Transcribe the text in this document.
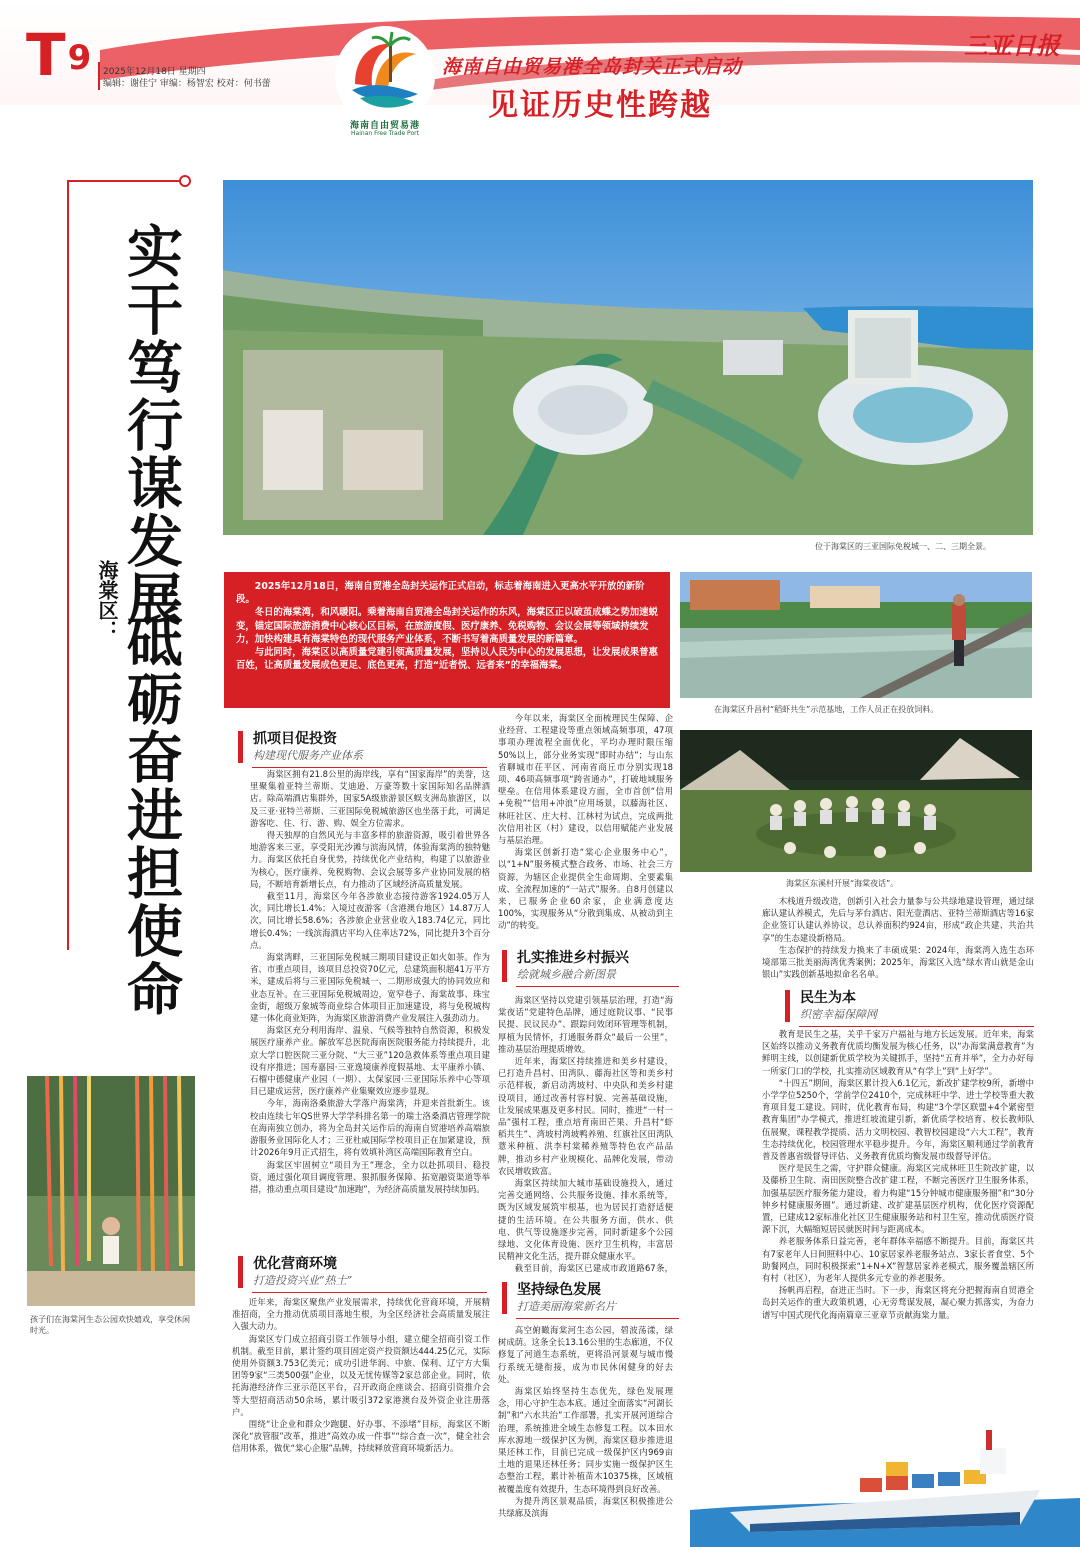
T9 2025年12月18日 星期四
编辑：谢佳宁 审编：杨智宏 校对：何书蕾
海南自由贸易港
Hainan Free Trade Port
海南自由贸易港全岛封关正式启动
见证历史性跨越
三亚日报
实干笃行谋发展
海棠区：
砥砺奋进担使命
位于海棠区的三亚国际免税城一、二、三期全景。

2025年12月18日，海南自贸港全岛封关运作正式启动，标志着海南进入更高水平开放的新阶段。

冬日的海棠湾，和风暖阳。乘着海南自贸港全岛封关运作的东风，海棠区正以破茧成蝶之势加速蜕变，锚定国际旅游消费中心核心区目标，在旅游度假、医疗康养、免税购物、会议会展等领域持续发力，加快构建具有海棠特色的现代服务产业体系，不断书写着高质量发展的新篇章。

与此同时，海棠区以高质量党建引领高质量发展，坚持以人民为中心的发展思想，让发展成果普惠百姓，让高质量发展成色更足、底色更亮，打造“近者悦、远者来”的幸福海棠。

在海棠区升昌村“稻虾共生”示范基地，工作人员正在投放饲料。
海棠区东溪村开展“海棠夜话”。
孩子们在海棠河生态公园欢快嬉戏，享受休闲时光。
抓项目促投资
构建现代服务产业体系

海棠区拥有21.8公里的海岸线，享有“国家海岸”的美誉，这里聚集着亚特兰蒂斯、艾迪逊、万豪等数十家国际知名品牌酒店。除高端酒店集群外，国家5A级旅游景区蜈支洲岛旅游区，以及三亚·亚特兰蒂斯、三亚国际免税城旅游区也坐落于此，可满足游客吃、住、行、游、购、娱全方位需求。

得天独厚的自然风光与丰富多样的旅游资源，吸引着世界各地游客来三亚，享受阳光沙滩与滨海风情，体验海棠湾的独特魅力。海棠区依托自身优势，持续优化产业结构，构建了以旅游业为核心，医疗康养、免税购物、会议会展等多产业协同发展的格局，不断培育新增长点，有力推动了区域经济高质量发展。

截至11月，海棠区今年各涉旅业态接待游客1924.05万人次，同比增长1.4%；入境过夜游客（含港澳台地区）14.87万人次，同比增长58.6%；各涉旅企业营业收入183.74亿元，同比增长0.4%；一线滨海酒店平均入住率达72%，同比提升3个百分点。

海棠湾畔，三亚国际免税城三期项目建设正如火如荼。作为省、市重点项目，该项目总投资70亿元，总建筑面积超41万平方米，建成后将与三亚国际免税城一、二期形成强大的协同效应和业态互补。在三亚国际免税城周边，宽窄巷子、海棠故事、珠宝金街，超级万象城等商业综合体项目正加速建设，将与免税城构建一体化商业矩阵，为海棠区旅游消费产业发展注入强劲动力。

海棠区充分利用海岸、温泉、气候等独特自然资源，积极发展医疗康养产业。解放军总医院海南医院服务能力持续提升，北京大学口腔医院三亚分院、“大三亚”120急救体系等重点项目建设有序推进；国寿嘉园·三亚逸境康养度假基地、太平康养小镇、石榴中德健康产业园（一期）、太保家园·三亚国际乐养中心等项目已建成运营，医疗康养产业集聚效应逐步显现。

今年，海南洛桑旅游大学落户海棠湾，并迎来首批新生。该校由连续七年QS世界大学学科排名第一的瑞士洛桑酒店管理学院在海南独立创办，将为全岛封关运作后的海南自贸港培养高端旅游服务业国际化人才；三亚杜威国际学校项目正在加紧建设，预计2026年9月正式招生，将有效填补湾区高端国际教育空白。

海棠区牢固树立“项目为王”理念，全力以赴抓项目、稳投资，通过强化项目调度管理、狠抓服务保障、拓宽融资渠道等举措，推动重点项目建设“加速跑”，为经济高质量发展持续加码。

优化营商环境
打造投资兴业“热土”

近年来，海棠区聚焦产业发展需求，持续优化营商环境，开展精准招商，全力推动优质项目落地生根，为全区经济社会高质量发展注入强大动力。

海棠区专门成立招商引资工作领导小组，建立健全招商引资工作机制。截至目前，累计签约项目固定资产投资额达444.25亿元，实际使用外资额3.753亿美元；成功引进华润、中旅、保利、辽宁方大集团等9家“三类500强”企业，以及无忧传媒等2家总部企业。同时，依托海港经济作三亚示范区平台，召开政商企座谈会、招商引资推介会等大型招商活动50余场，累计吸引372家港澳台及外资企业注册落户。

围绕“让企业和群众少跑腿、好办事、不添堵”目标，海棠区不断深化“放管服”改革，推进“高效办成一件事”“综合查一次”，健全社会信用体系，做优“棠心企服”品牌，持续释放营商环境新活力。

今年以来，海棠区全面梳理民生保障、企业经营、工程建设等重点领域高频事项，47项事项办理流程全面优化，平均办理时限压缩50%以上，部分业务实现“即时办结”；与山东省聊城市茌平区、河南省商丘市分别实现18项、46项高频事项“跨省通办”，打破地域服务壁垒。在信用体系建设方面，全市首创“信用+免税”“信用+冲浪”应用场景，以藤海社区、林旺社区、庄大村、江林村为试点，完成两批次信用社区（村）建设，以信用赋能产业发展与基层治理。

海棠区创新打造“棠心企业服务中心”，以“1+N”服务模式整合政务、市场、社会三方资源，为辖区企业提供全生命周期、全要素集成、全流程加速的“一站式”服务。自8月创建以来，已服务企业60余家，企业满意度达100%，实现服务从“分散到集成、从被动到主动”的转变。

扎实推进乡村振兴
绘就城乡融合新图景

海棠区坚持以党建引领基层治理，打造“海棠夜话”党建特色品牌，通过庭院议事、“民事民提、民议民办”、跟踪问效闭环管理等机制，厚植为民情怀，打通服务群众“最后一公里”，推动基层治理提质增效。

近年来，海棠区持续推进和美乡村建设，已打造升昌村、田湾队、藤海社区等和美乡村示范样板，新启动湾坡村、中央队和美乡村建设项目，通过改善村容村貌、完善基础设施，让发展成果惠及更多村民。同时，推进“一村一品”强村工程，重点培育南田芒果、升昌村“虾稻共生”、湾坡村湾坡鸭养殖、红旗社区田湾队薏米种植、洪李村棠稀养殖等特色农产品品牌，推动乡村产业规模化、品牌化发展，带动农民增收致富。

海棠区持续加大城市基础设施投入，通过完善交通网络、公共服务设施、排水系统等，既为区域发展筑牢根基，也为居民打造舒适便捷的生活环境。在公共服务方面，供水、供电、供气等设施逐步完善，同时新建多个公园绿地、文化体育设施、医疗卫生机构，丰富居民精神文化生活，提升群众健康水平。

截至目前，海棠区已建成市政道路67条，

坚持绿色发展
打造美丽海棠新名片

高空俯瞰海棠河生态公园，碧波荡漾，绿树成荫。这条全长13.16公里的生态廊道，不仅修复了河道生态系统，更将沿河景观与城市慢行系统无缝衔接，成为市民休闲健身的好去处。

海棠区始终坚持生态优先，绿色发展理念，用心守护生态本底。通过全面落实“河湖长制”和“六水共治”工作部署，扎实开展河道综合治理，系统推进全域生态修复工程。以本田水库水源地一级保护区为例，海棠区稳步推进退果还林工作，目前已完成一级保护区内969亩土地的退果还林任务；同步实施一级保护区生态整治工程，累计补植苗木10375株，区域植被覆盖度有效提升，生态环境得到良好改善。

为提升湾区景观品质，海棠区积极推进公共绿廊及滨海

木栈道升级改造，创新引入社会力量参与公共绿地建设管理，通过绿廊认建认养模式，先后与茅台酒店、阳光壹酒店、亚特兰蒂斯酒店等16家企业签订认建认养协议，总认养面积约924亩，形成“政企共建、共治共享”的生态建设新格局。

生态保护的持续发力换来了丰硕成果：2024年，海棠湾入选生态环境部第三批美丽海湾优秀案例；2025年，海棠区入选“绿水青山就是金山银山”实践创新基地拟命名名单。

民生为本
织密幸福保障网

教育是民生之基，关乎千家万户福祉与地方长远发展。近年来，海棠区始终以推动义务教育优质均衡发展为核心任务，以“办海棠满意教育”为鲜明主线，以创建新优质学校为关键抓手，坚持“五育并举”，全力办好每一所家门口的学校，扎实推动区域教育从“有学上”到“上好学”。

“十四五”期间，海棠区累计投入6.1亿元，新改扩建学校9所，新增中小学学位5250个，学前学位2410个，完成林旺中学、进士学校等重大教育项目复工建设。同时，优化教育布局，构建“3个学区联盟+4个紧密型教育集团”办学模式，推进红坡流建引新，新优质学校培育、校长教师队伍展聚，课程教学提质、活力文明校园、教智校园建设“六大工程”，教育生态持续优化，校园管理水平稳步提升。今年，海棠区顺利通过学前教育普及普惠省级督导评估、义务教育优质均衡发展市级督导评估。

医疗是民生之需，守护群众健康。海棠区完成林旺卫生院改扩建，以及藤桥卫生院、南田医院整合改扩建工程，不断完善医疗卫生服务体系，加强基层医疗服务能力建设，着力构建“15分钟城市健康服务圈”和“30分钟乡村健康服务圈”。通过新建、改扩建基层医疗机构，优化医疗资源配置，已建成12家标准化社区卫生健康服务站和村卫生室，推动优质医疗资源下沉，大幅缩短居民就医时间与距离成本。

养老服务体系日益完善，老年群体幸福感不断提升。目前，海棠区共有7家老年人日间照料中心、10家居家养老服务站点、3家长者食堂、5个助餐网点，同时积极探索“1+N+X”智慧居家养老模式，服务覆盖辖区所有村（社区），为老年人提供多元专业的养老服务。

扬帆再启程，奋进正当时。下一步，海棠区将充分把握海南自贸港全岛封关运作的重大政策机遇，心无旁骛谋发展，凝心聚力抓落实，为奋力谱写中国式现代化海南篇章三亚章节贡献海棠力量。
